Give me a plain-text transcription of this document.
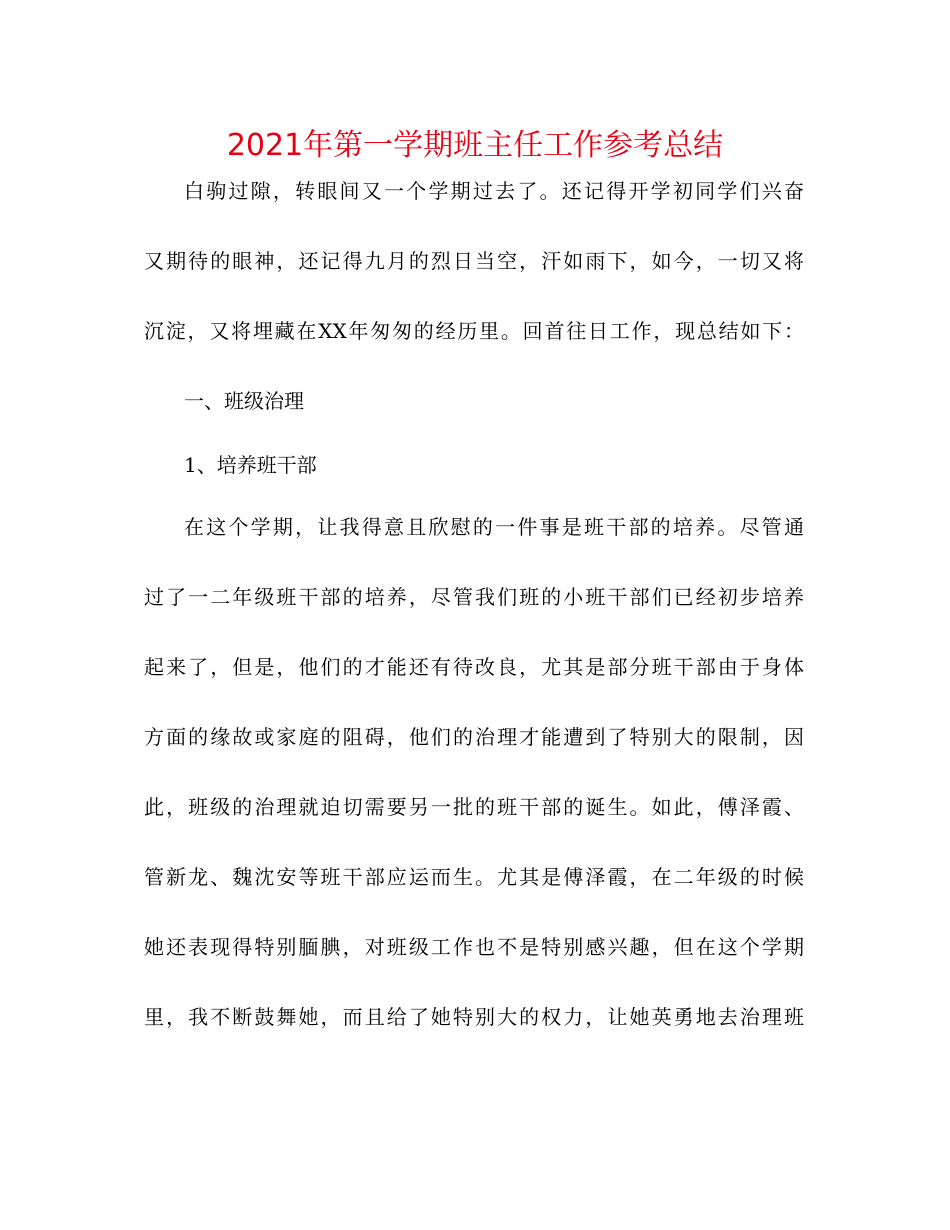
2021年第一学期班主任工作参考总结
白驹过隙，转眼间又一个学期过去了。还记得开学初同学们兴奋
又期待的眼神，还记得九月的烈日当空，汗如雨下，如今，一切又将
沉淀，又将埋藏在XX年匆匆的经历里。回首往日工作，现总结如下：
一、班级治理
1、培养班干部
在这个学期，让我得意且欣慰的一件事是班干部的培养。尽管通
过了一二年级班干部的培养，尽管我们班的小班干部们已经初步培养
起来了，但是，他们的才能还有待改良，尤其是部分班干部由于身体
方面的缘故或家庭的阻碍，他们的治理才能遭到了特别大的限制，因
此，班级的治理就迫切需要另一批的班干部的诞生。如此，傅泽霞、
管新龙、魏沈安等班干部应运而生。尤其是傅泽霞，在二年级的时候
她还表现得特别腼腆，对班级工作也不是特别感兴趣，但在这个学期
里，我不断鼓舞她，而且给了她特别大的权力，让她英勇地去治理班
